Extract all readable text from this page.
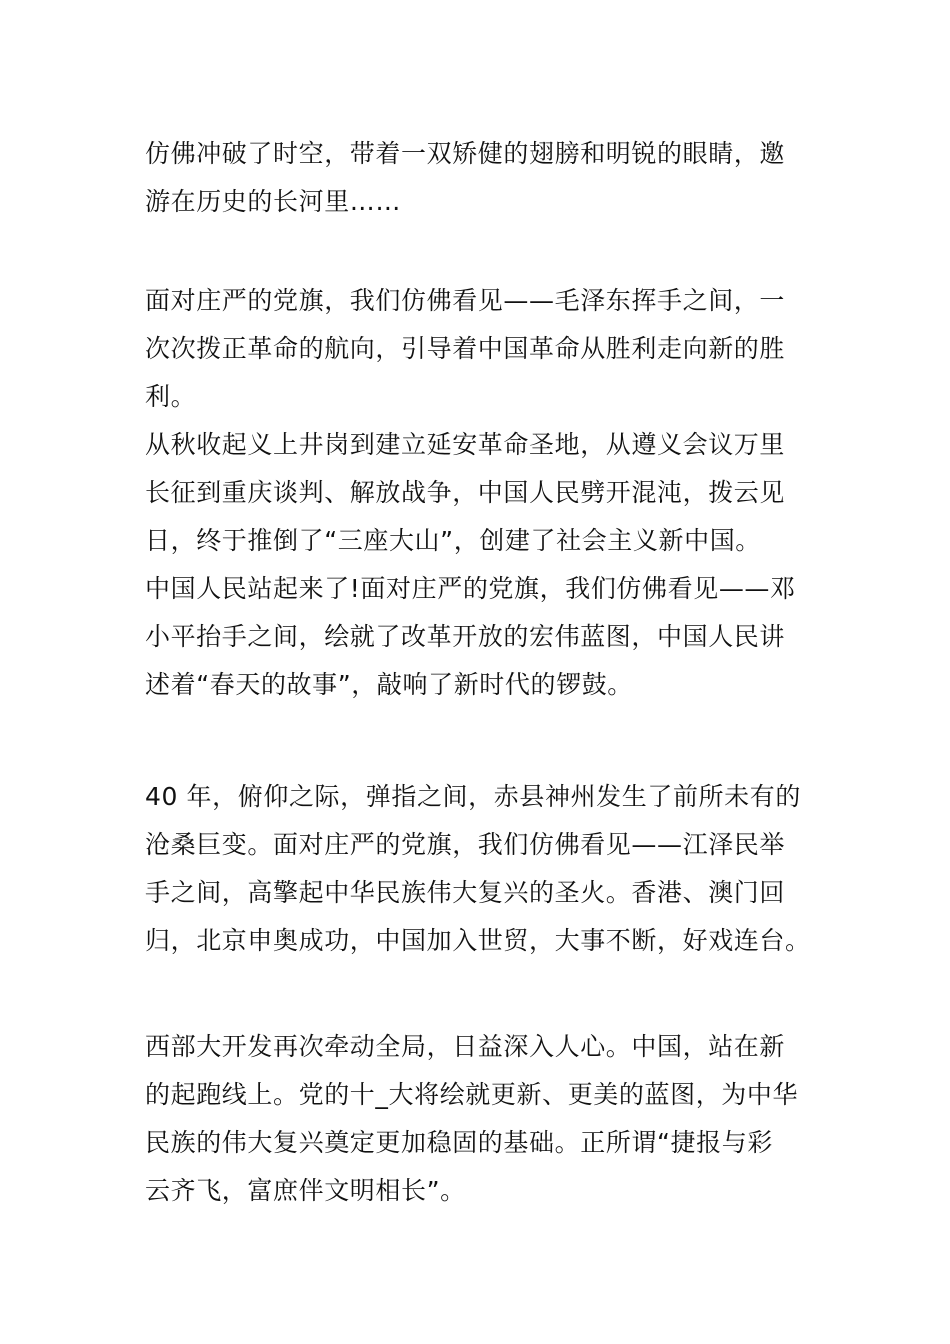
仿佛冲破了时空，带着一双矫健的翅膀和明锐的眼睛，邀
游在历史的长河里……
面对庄严的党旗，我们仿佛看见——毛泽东挥手之间，一
次次拨正革命的航向，引导着中国革命从胜利走向新的胜
利。
从秋收起义上井岗到建立延安革命圣地，从遵义会议万里
长征到重庆谈判、解放战争，中国人民劈开混沌，拨云见
日，终于推倒了“三座大山”，创建了社会主义新中国。
中国人民站起来了!面对庄严的党旗，我们仿佛看见——邓
小平抬手之间，绘就了改革开放的宏伟蓝图，中国人民讲
述着“春天的故事”，敲响了新时代的锣鼓。
40 年，俯仰之际，弹指之间，赤县神州发生了前所未有的
沧桑巨变。面对庄严的党旗，我们仿佛看见——江泽民举
手之间，高擎起中华民族伟大复兴的圣火。香港、澳门回
归，北京申奥成功，中国加入世贸，大事不断，好戏连台。
西部大开发再次牵动全局，日益深入人心。中国，站在新
的起跑线上。党的十_大将绘就更新、更美的蓝图，为中华
民族的伟大复兴奠定更加稳固的基础。正所谓“捷报与彩
云齐飞，富庶伴文明相长”。
